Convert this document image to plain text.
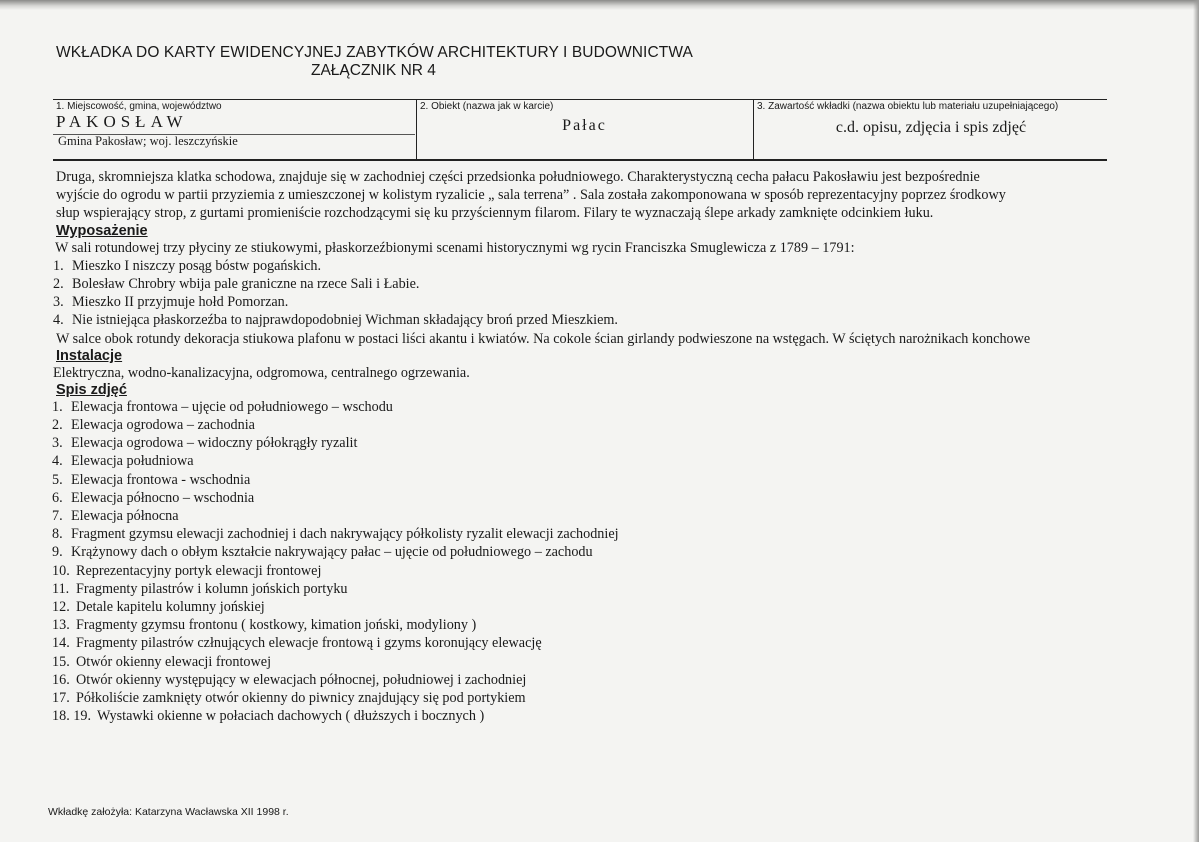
WKŁADKA DO KARTY EWIDENCYJNEJ ZABYTKÓW ARCHITEKTURY I BUDOWNICTWA
ZAŁĄCZNIK NR 4
1. Miejscowość, gmina, województwo
PAKOSŁAW
Gmina Pakosław; woj. leszczyńskie
2. Obiekt (nazwa jak w karcie)
Pałac
3. Zawartość wkładki (nazwa obiektu lub materiału uzupełniającego)
c.d. opisu, zdjęcia i spis zdjęć
Druga, skromniejsza klatka schodowa, znajduje się w zachodniej części przedsionka południowego. Charakterystyczną cecha pałacu Pakosławiu jest bezpośrednie
wyjście do ogrodu w partii przyziemia z umieszczonej w kolistym ryzalicie „ sala terrena” . Sala została zakomponowana w sposób reprezentacyjny poprzez środkowy
słup wspierający strop, z gurtami promieniście rozchodzącymi się ku przyściennym filarom. Filary te wyznaczają ślepe arkady zamknięte odcinkiem łuku.
Wyposażenie
W sali rotundowej trzy płyciny ze stiukowymi, płaskorzeźbionymi scenami historycznymi wg rycin Franciszka Smuglewicza z 1789 – 1791:
1. Mieszko I niszczy posąg bóstw pogańskich.
2. Bolesław Chrobry wbija pale graniczne na rzece Sali i Łabie.
3. Mieszko II przyjmuje hołd Pomorzan.
4. Nie istniejąca płaskorzeźba to najprawdopodobniej Wichman składający broń przed Mieszkiem.
W salce obok rotundy dekoracja stiukowa plafonu w postaci liści akantu i kwiatów. Na cokole ścian girlandy podwieszone na wstęgach. W ściętych narożnikach konchowe
Instalacje
Elektryczna, wodno-kanalizacyjna, odgromowa, centralnego ogrzewania.
Spis zdjęć
1. Elewacja frontowa – ujęcie od południowego – wschodu
2. Elewacja ogrodowa – zachodnia
3. Elewacja ogrodowa – widoczny półokrągły ryzalit
4. Elewacja południowa
5. Elewacja frontowa - wschodnia
6. Elewacja północno – wschodnia
7. Elewacja północna
8. Fragment gzymsu elewacji zachodniej i dach nakrywający półkolisty ryzalit elewacji zachodniej
9. Krążynowy dach o obłym kształcie nakrywający pałac – ujęcie od południowego – zachodu
10. Reprezentacyjny portyk elewacji frontowej
11. Fragmenty pilastrów i kolumn jońskich portyku
12. Detale kapitelu kolumny jońskiej
13. Fragmenty gzymsu frontonu ( kostkowy, kimation joński, modyliony )
14. Fragmenty pilastrów człnujących elewacje frontową i gzyms koronujący elewację
15. Otwór okienny elewacji frontowej
16. Otwór okienny występujący w elewacjach północnej, południowej i zachodniej
17. Półkoliście zamknięty otwór okienny do piwnicy znajdujący się pod portykiem
18. 19. Wystawki okienne w połaciach dachowych ( dłuższych i bocznych )
Wkładkę założyła: Katarzyna Wacławska XII 1998 r.
